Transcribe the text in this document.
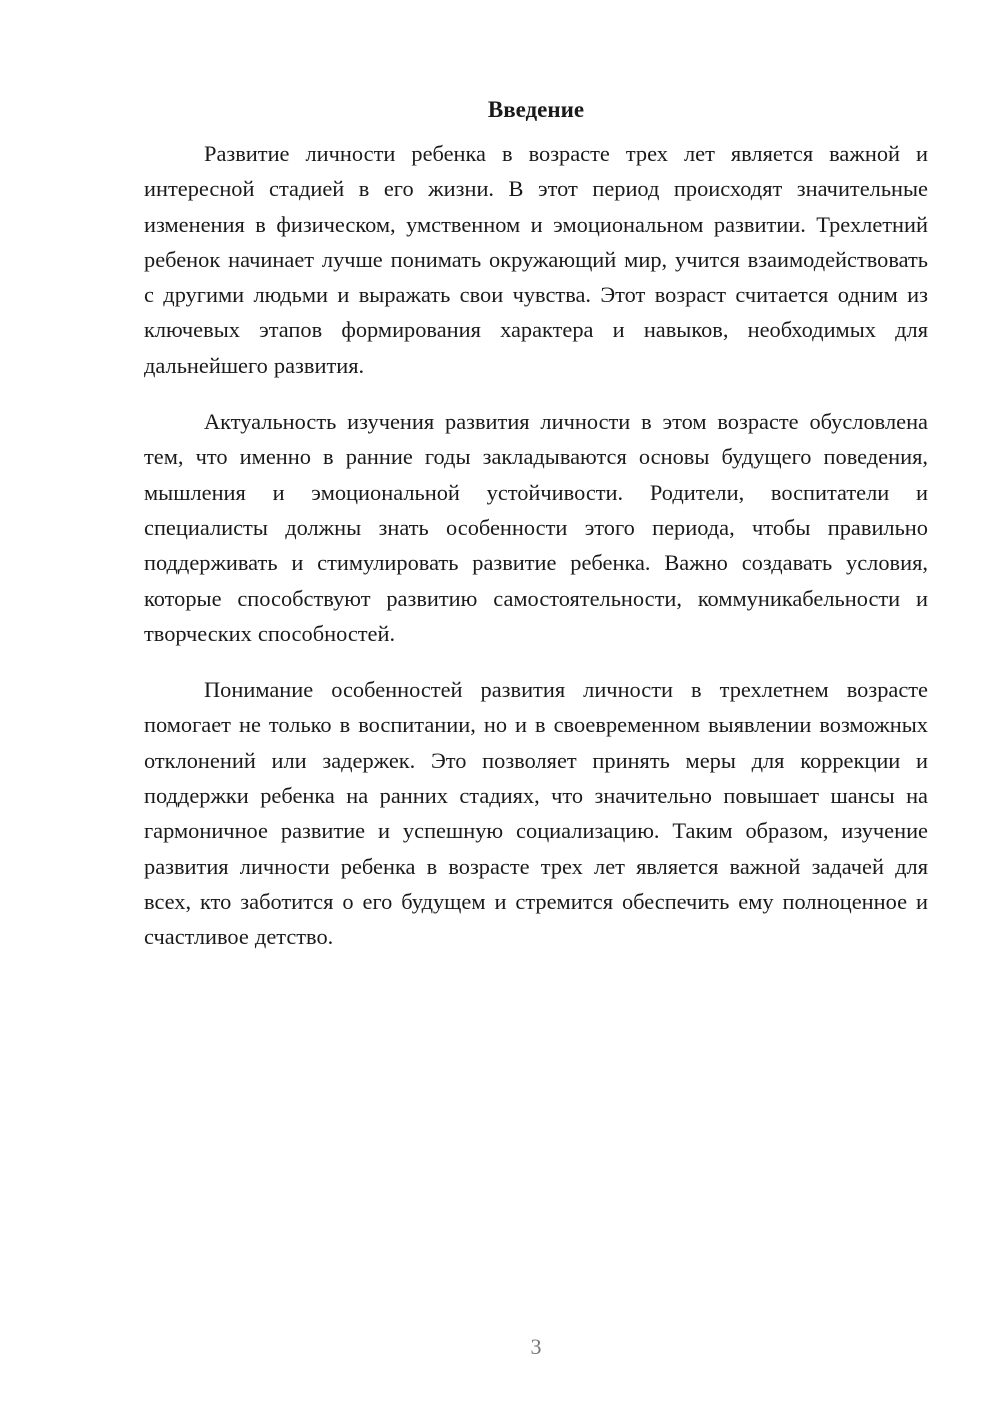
Введение

Развитие личности ребенка в возрасте трех лет является важной и интересной стадией в его жизни. В этот период происходят значительные изменения в физическом, умственном и эмоциональном развитии. Трехлетний ребенок начинает лучше понимать окружающий мир, учится взаимодействовать с другими людьми и выражать свои чувства. Этот возраст считается одним из ключевых этапов формирования характера и навыков, необходимых для дальнейшего развития.

Актуальность изучения развития личности в этом возрасте обусловлена тем, что именно в ранние годы закладываются основы будущего поведения, мышления и эмоциональной устойчивости. Родители, воспитатели и специалисты должны знать особенности этого периода, чтобы правильно поддерживать и стимулировать развитие ребенка. Важно создавать условия, которые способствуют развитию самостоятельности, коммуникабельности и творческих способностей.

Понимание особенностей развития личности в трехлетнем возрасте помогает не только в воспитании, но и в своевременном выявлении возможных отклонений или задержек. Это позволяет принять меры для коррекции и поддержки ребенка на ранних стадиях, что значительно повышает шансы на гармоничное развитие и успешную социализацию. Таким образом, изучение развития личности ребенка в возрасте трех лет является важной задачей для всех, кто заботится о его будущем и стремится обеспечить ему полноценное и счастливое детство.

3
